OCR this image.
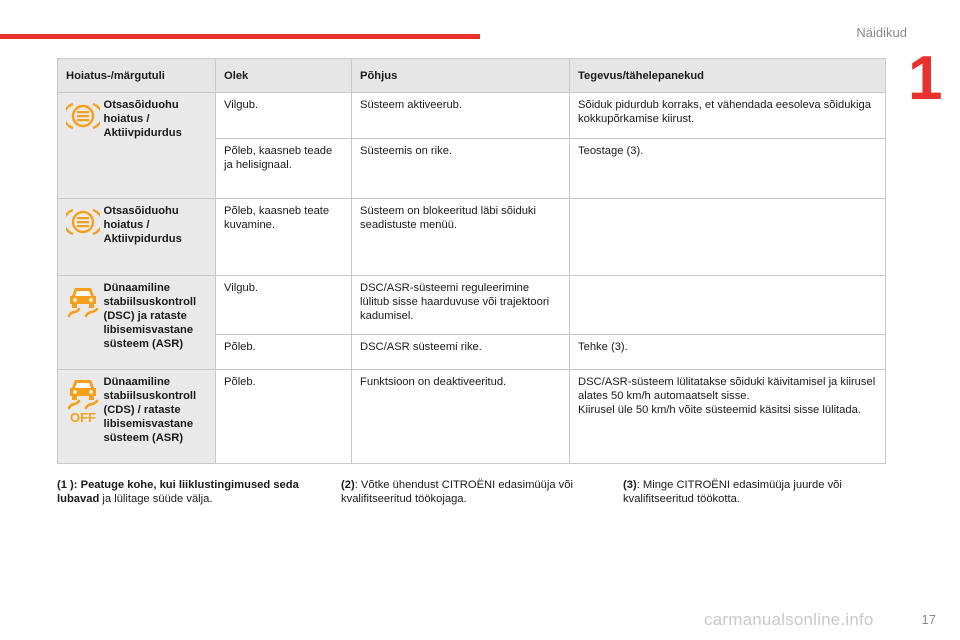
Näidikud
1
Hoiatus-/märgutuli		Olek	Põhjus	Tegevus/tähelepanekud

	Otsasõiduohu hoiatus / Aktiivpidurdus	Vilgub.	Süsteem aktiveerub.	Sõiduk pidurdub korraks, et vähendada eesoleva sõidukiga kokkupõrkamise kiirust.
		Põleb, kaasneb teade ja helisignaal.	Süsteemis on rike.	Teostage (3).

	Otsasõiduohu hoiatus / Aktiivpidurdus	Põleb, kaasneb teate kuvamine.	Süsteem on blokeeritud läbi sõiduki seadistuste menüü.	

	Dünaamiline stabiilsuskontroll (DSC) ja rataste libisemisvastane süsteem (ASR)	Vilgub.	DSC/ASR-süsteemi reguleerimine lülitub sisse haarduvuse või trajektoori kadumisel.	
		Põleb.	DSC/ASR süsteemi rike.	Tehke (3).

OFF	Dünaamiline stabiilsuskontroll (CDS) / rataste libisemisvastane süsteem (ASR)	Põleb.	Funktsioon on deaktiveeritud.	DSC/ASR-süsteem lülitatakse sõiduki käivitamisel ja kiirusel alates 50 km/h automaatselt sisse.
Kiirusel üle 50 km/h võite süsteemid käsitsi sisse lülitada.
(1 ): Peatuge kohe, kui liiklustingimused seda lubavad ja lülitage süüde välja.
(2): Võtke ühendust CITROËNI edasimüüja või kvalifitseeritud töökojaga.
(3): Minge CITROËNI edasimüüja juurde või kvalifitseeritud töökotta.
carmanualsonline.info	17
